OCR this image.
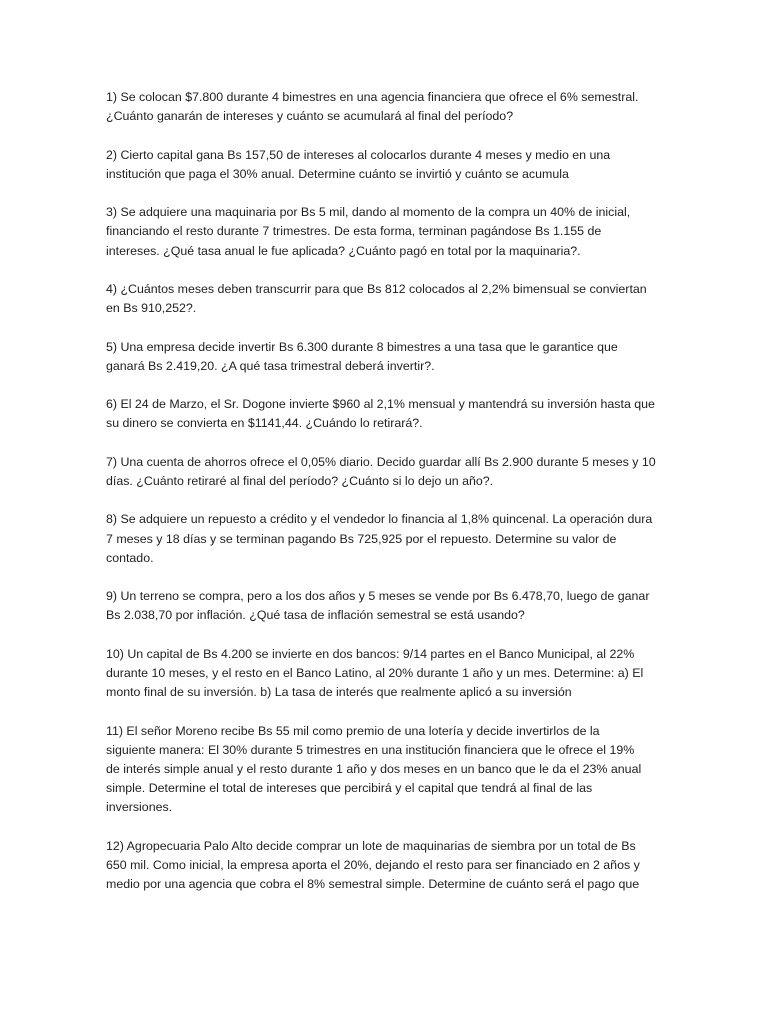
1) Se colocan $7.800 durante 4 bimestres en una agencia financiera que ofrece el 6% semestral.
¿Cuánto ganarán de intereses y cuánto se acumulará al final del período?

2) Cierto capital gana Bs 157,50 de intereses al colocarlos durante 4 meses y medio en una
institución que paga el 30% anual. Determine cuánto se invirtió y cuánto se acumula

3) Se adquiere una maquinaria por Bs 5 mil, dando al momento de la compra un 40% de inicial,
financiando el resto durante 7 trimestres. De esta forma, terminan pagándose Bs 1.155 de
intereses. ¿Qué tasa anual le fue aplicada? ¿Cuánto pagó en total por la maquinaria?.

4) ¿Cuántos meses deben transcurrir para que Bs 812 colocados al 2,2% bimensual se conviertan
en Bs 910,252?.

5) Una empresa decide invertir Bs 6.300 durante 8 bimestres a una tasa que le garantice que
ganará Bs 2.419,20. ¿A qué tasa trimestral deberá invertir?.

6) El 24 de Marzo, el Sr. Dogone invierte $960 al 2,1% mensual y mantendrá su inversión hasta que
su dinero se convierta en $1141,44. ¿Cuándo lo retirará?.

7) Una cuenta de ahorros ofrece el 0,05% diario. Decido guardar allí Bs 2.900 durante 5 meses y 10
días. ¿Cuánto retiraré al final del período? ¿Cuánto si lo dejo un año?.

8) Se adquiere un repuesto a crédito y el vendedor lo financia al 1,8% quincenal. La operación dura
7 meses y 18 días y se terminan pagando Bs 725,925 por el repuesto. Determine su valor de
contado.

9) Un terreno se compra, pero a los dos años y 5 meses se vende por Bs 6.478,70, luego de ganar
Bs 2.038,70 por inflación. ¿Qué tasa de inflación semestral se está usando?

10) Un capital de Bs 4.200 se invierte en dos bancos: 9/14 partes en el Banco Municipal, al 22%
durante 10 meses, y el resto en el Banco Latino, al 20% durante 1 año y un mes. Determine: a) El
monto final de su inversión. b) La tasa de interés que realmente aplicó a su inversión

11) El señor Moreno recibe Bs 55 mil como premio de una lotería y decide invertirlos de la
siguiente manera: El 30% durante 5 trimestres en una institución financiera que le ofrece el 19%
de interés simple anual y el resto durante 1 año y dos meses en un banco que le da el 23% anual
simple. Determine el total de intereses que percibirá y el capital que tendrá al final de las
inversiones.

12) Agropecuaria Palo Alto decide comprar un lote de maquinarias de siembra por un total de Bs
650 mil. Como inicial, la empresa aporta el 20%, dejando el resto para ser financiado en 2 años y
medio por una agencia que cobra el 8% semestral simple. Determine de cuánto será el pago que
